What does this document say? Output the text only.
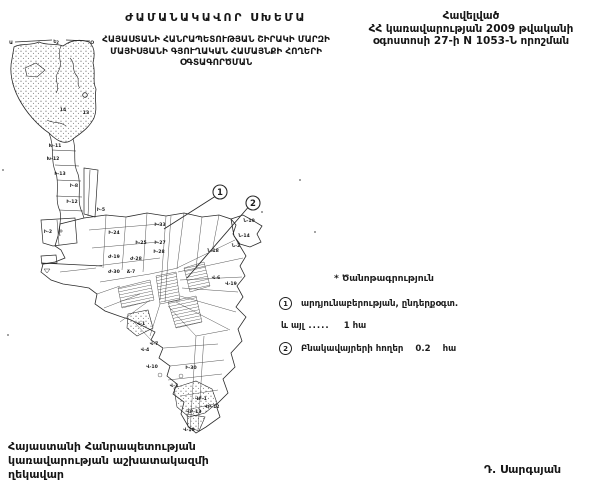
ԺԱՄԱՆԱԿԱՎՈՐ ՍԽԵՄԱ
ՀԱՅԱՍՏԱՆԻ ՀԱՆՐԱՊԵՏՈՒԹՅԱՆ ՇԻՐԱԿԻ ՄԱՐԶԻ
ՄԱՅԻՍՅԱՆԻ ԳՅՈՒՂԱԿԱՆ ՀԱՄԱՅՆՔԻ ՀՈՂԵՐԻ
ՕԳՏԱԳՈՐԾՄԱՆ
Հավելված
ՀՀ կառավարության 2009 թվականի
օգոստոսի 27-ի N 1053-Ն որոշման
Ա	Եշ	Օ
14
13
Խ-11
Խ-12
Ի-13
Ի-8
Ի-12
Ի-5
Ի-2	Ի-24
Ի-25
Ի-33
Ի-27
Ի-28
Ժ-19 Ժ-28
Ժ-30 Ճ-7
Ն-18
Ն-19
Ն-14
Ն-2
Վ-6
Վ-19
Վ-1
Վ-7
Վ-4
Վ-10	Ի-30
Վ-3
ՎԲ-1
ՎԲ-12
ՎԲ-13
Վ-19
1
2
* Ծանոթագրություն
1	արդյունաբերության, ընդերքօգտ.
և այլ ..... 1 հա
2	Բնակավայրերի հողեր 0.2 հա
Հայաստանի Հանրապետության
կառավարության աշխատակազմի
ղեկավար	Դ. Սարգսյան
